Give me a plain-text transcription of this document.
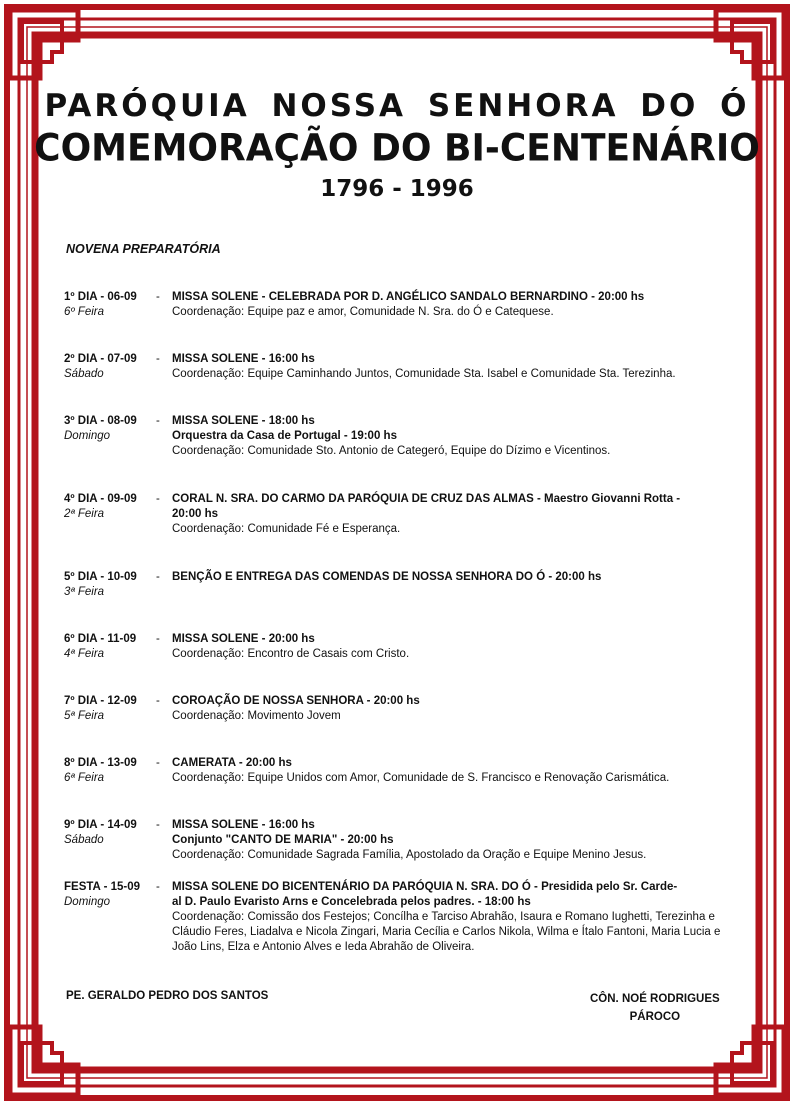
PARÓQUIA NOSSA SENHORA DO Ó
COMEMORAÇÃO DO BI-CENTENÁRIO
1796 - 1996
NOVENA PREPARATÓRIA
1º DIA - 06-09
6º Feira
- MISSA SOLENE - CELEBRADA POR D. ANGÉLICO SANDALO BERNARDINO - 20:00 hs
Coordenação: Equipe paz e amor, Comunidade N. Sra. do Ó e Catequese.
2º DIA - 07-09
Sábado
- MISSA SOLENE - 16:00 hs
Coordenação: Equipe Caminhando Juntos, Comunidade Sta. Isabel e Comunidade Sta. Terezinha.
3º DIA - 08-09
Domingo
- MISSA SOLENE - 18:00 hs
Orquestra da Casa de Portugal - 19:00 hs
Coordenação: Comunidade Sto. Antonio de Categeró, Equipe do Dízimo e Vicentinos.
4º DIA - 09-09
2ª Feira
- CORAL N. SRA. DO CARMO DA PARÓQUIA DE CRUZ DAS ALMAS - Maestro Giovanni Rotta -
20:00 hs
Coordenação: Comunidade Fé e Esperança.
5º DIA - 10-09
3ª Feira
- BENÇÃO E ENTREGA DAS COMENDAS DE NOSSA SENHORA DO Ó - 20:00 hs
6º DIA - 11-09
4ª Feira
- MISSA SOLENE - 20:00 hs
Coordenação: Encontro de Casais com Cristo.
7º DIA - 12-09
5ª Feira
- COROAÇÃO DE NOSSA SENHORA - 20:00 hs
Coordenação: Movimento Jovem
8º DIA - 13-09
6ª Feira
- CAMERATA - 20:00 hs
Coordenação: Equipe Unidos com Amor, Comunidade de S. Francisco e Renovação Carismática.
9º DIA - 14-09
Sábado
- MISSA SOLENE - 16:00 hs
Conjunto "CANTO DE MARIA" - 20:00 hs
Coordenação: Comunidade Sagrada Família, Apostolado da Oração e Equipe Menino Jesus.
FESTA - 15-09
Domingo
- MISSA SOLENE DO BICENTENÁRIO DA PARÓQUIA N. SRA. DO Ó - Presidida pelo Sr. Carde-
al D. Paulo Evaristo Arns e Concelebrada pelos padres. - 18:00 hs
Coordenação: Comissão dos Festejos; Concílha e Tarciso Abrahão, Isaura e Romano Iughetti, Terezinha e Cláudio Feres, Liadalva e Nicola Zingari, Maria Cecília e Carlos Nikola, Wilma e Ítalo Fantoni, Maria Lucia e João Lins, Elza e Antonio Alves e Ieda Abrahão de Oliveira.
PE. GERALDO PEDRO DOS SANTOS	CÔN. NOÉ RODRIGUES
PÁROCO
